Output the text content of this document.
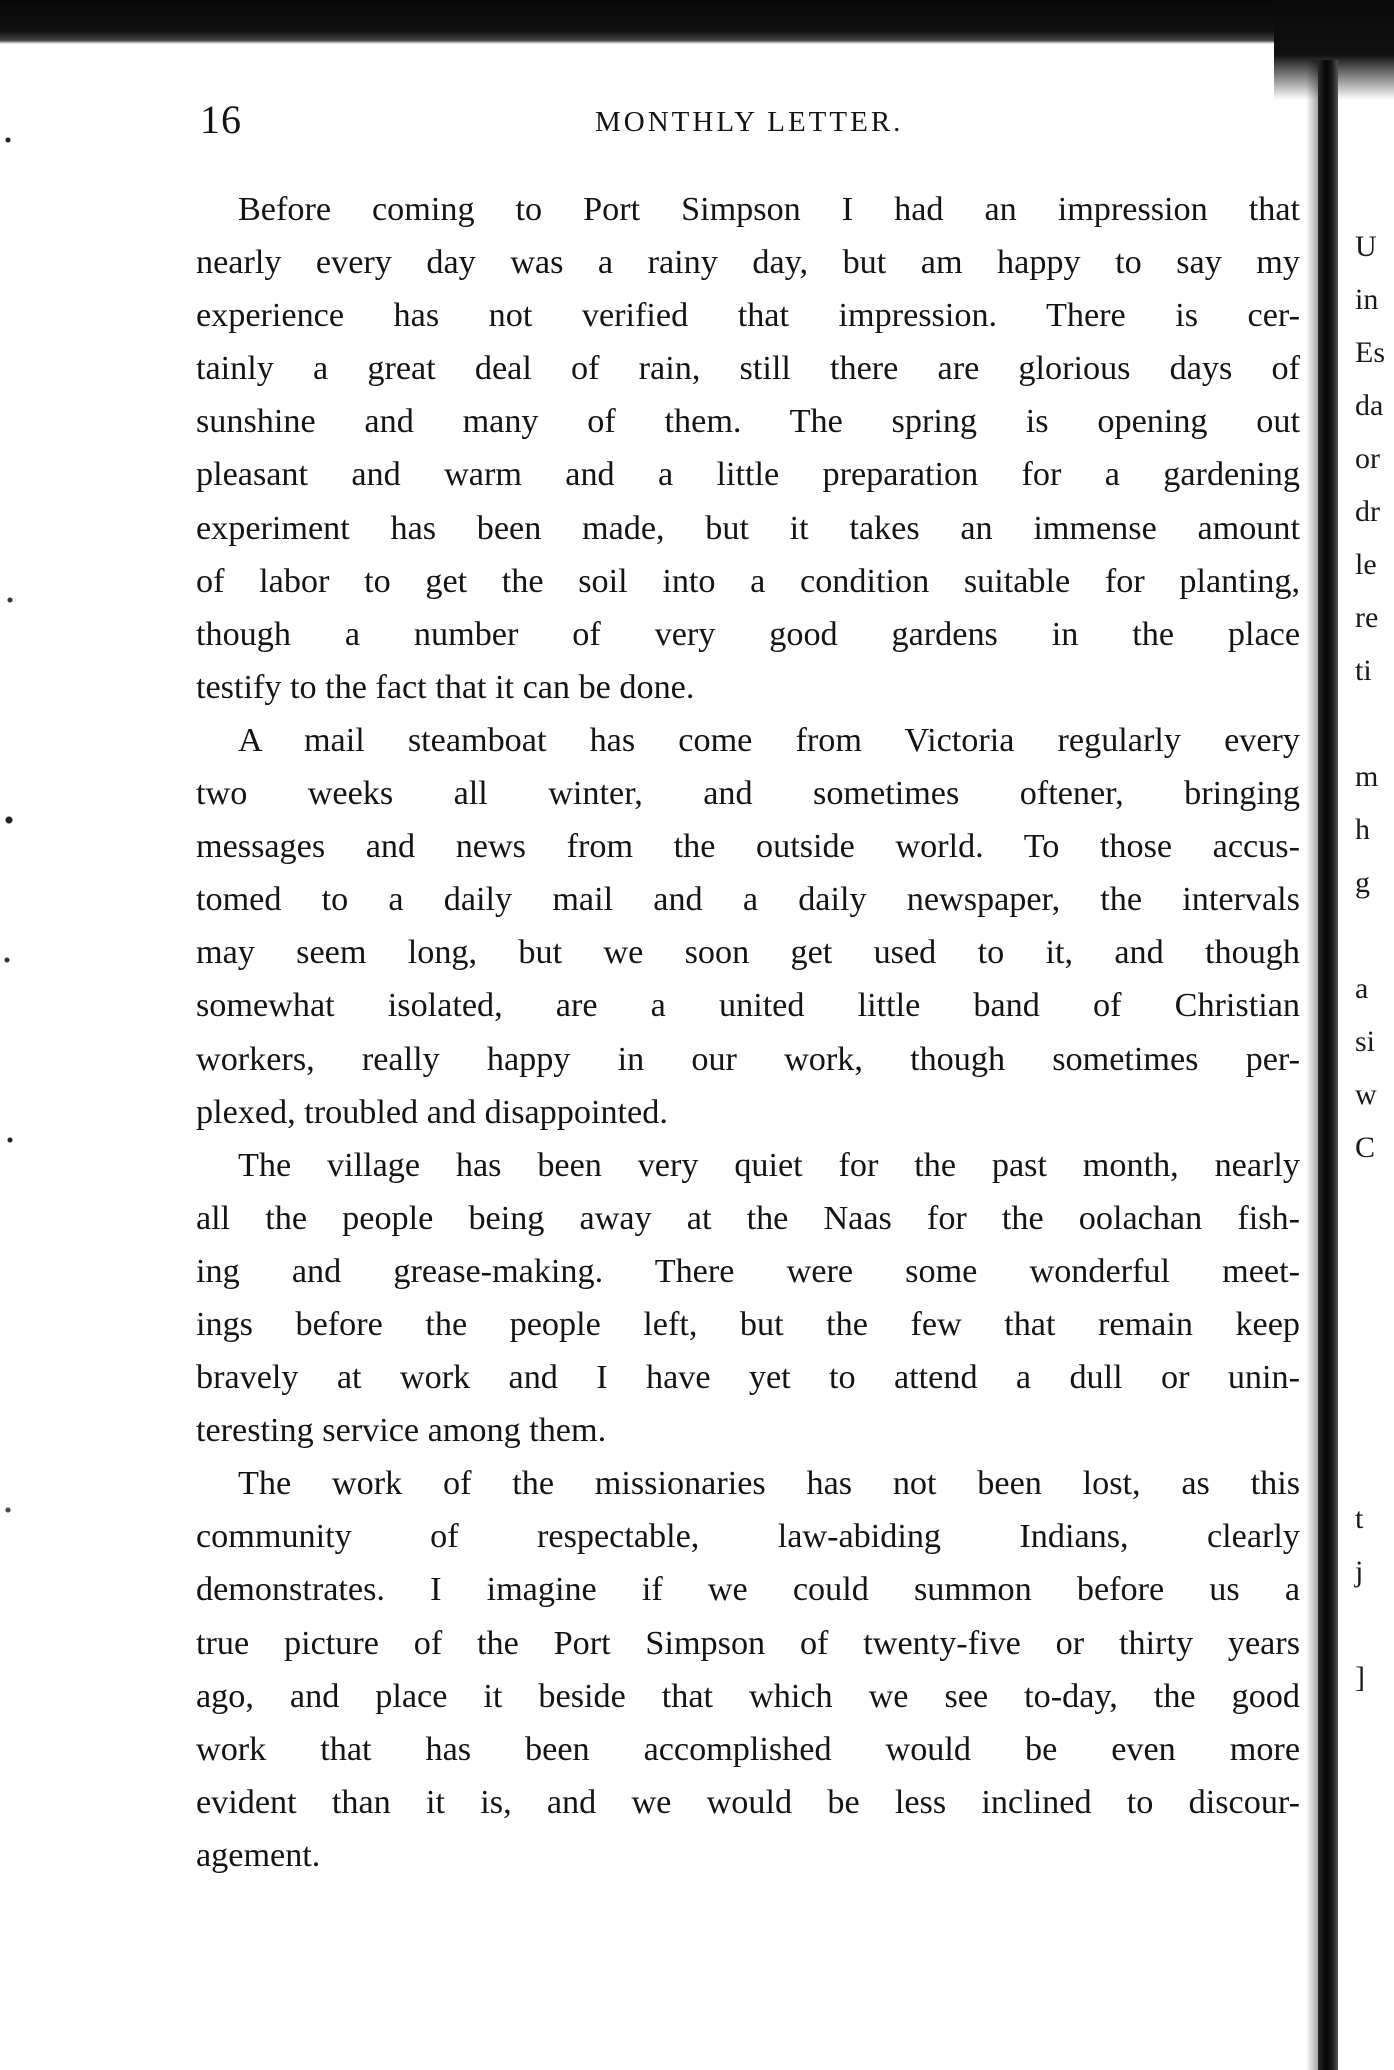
16	MONTHLY LETTER.

Before coming to Port Simpson I had an impression that
nearly every day was a rainy day, but am happy to say my
experience has not verified that impression. There is cer-
tainly a great deal of rain, still there are glorious days of
sunshine and many of them. The spring is opening out
pleasant and warm and a little preparation for a gardening
experiment has been made, but it takes an immense amount
of labor to get the soil into a condition suitable for planting,
though a number of very good gardens in the place
testify to the fact that it can be done.

A mail steamboat has come from Victoria regularly every
two weeks all winter, and sometimes oftener, bringing
messages and news from the outside world. To those accus-
tomed to a daily mail and a daily newspaper, the intervals
may seem long, but we soon get used to it, and though
somewhat isolated, are a united little band of Christian
workers, really happy in our work, though sometimes per-
plexed, troubled and disappointed.

The village has been very quiet for the past month, nearly
all the people being away at the Naas for the oolachan fish-
ing and grease-making. There were some wonderful meet-
ings before the people left, but the few that remain keep
bravely at work and I have yet to attend a dull or unin-
teresting service among them.

The work of the missionaries has not been lost, as this
community of respectable, law-abiding Indians, clearly
demonstrates. I imagine if we could summon before us a
true picture of the Port Simpson of twenty-five or thirty years
ago, and place it beside that which we see to-day, the good
work that has been accomplished would be even more
evident than it is, and we would be less inclined to discour-
agement.

U
in
Es
da
or
dr
le
re
ti
m
h
g
a
si
w
C
t
j
]
